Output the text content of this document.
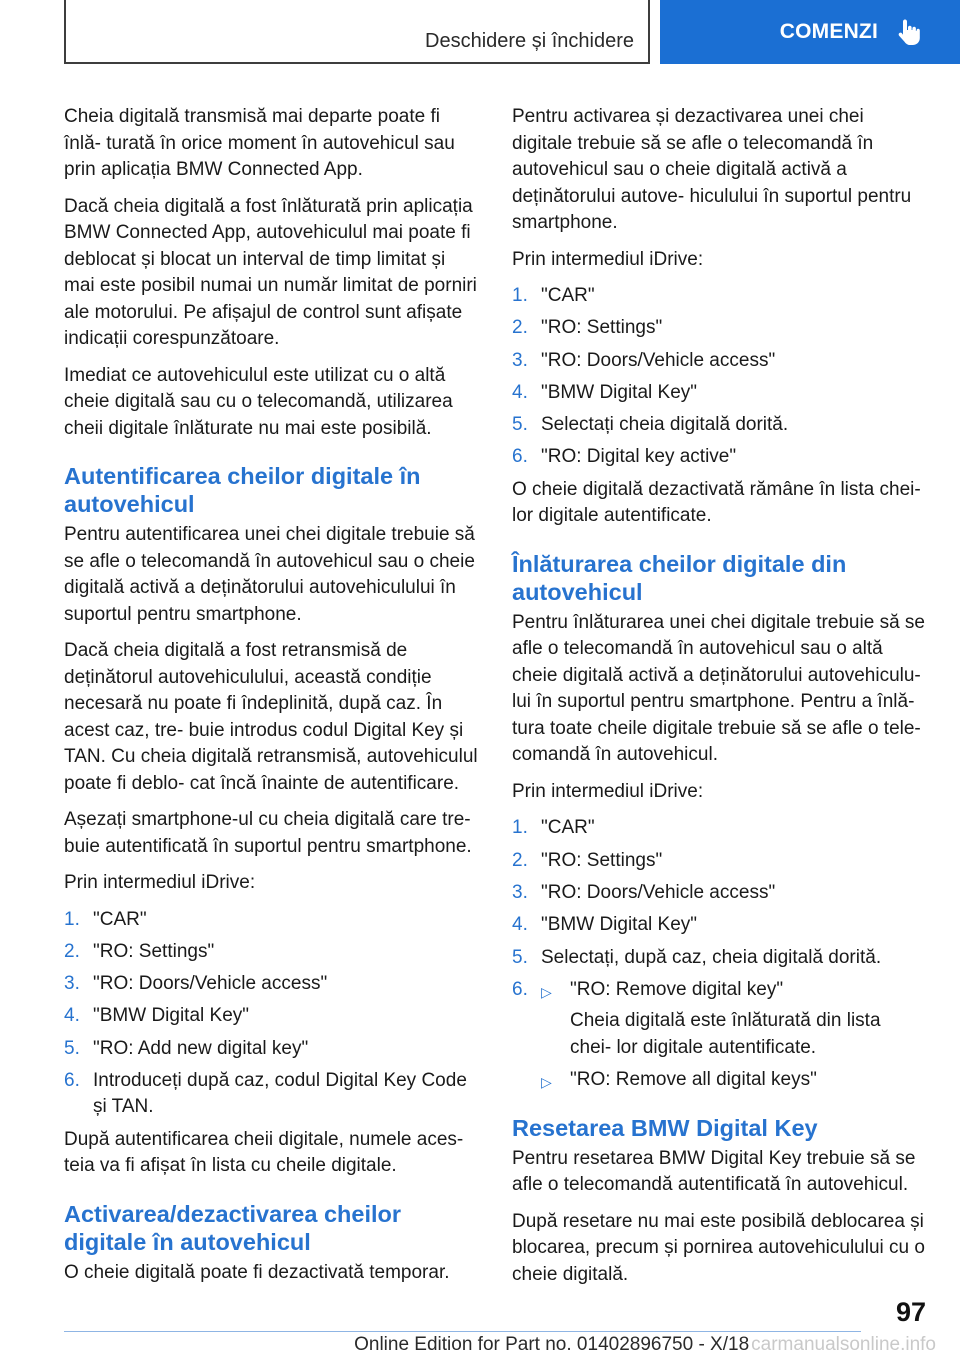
Deschidere și închidere	COMENZI

Cheia digitală transmisă mai departe poate fi înlă‐ turată în orice moment în autovehicul sau prin aplicația BMW Connected App.

Dacă cheia digitală a fost înlăturată prin aplicația BMW Connected App, autovehiculul mai poate fi deblocat și blocat un interval de timp limitat și mai este posibil numai un număr limitat de porniri ale motorului. Pe afișajul de control sunt afișate indicații corespunzătoare.

Imediat ce autovehiculul este utilizat cu o altă cheie digitală sau cu o telecomandă, utilizarea cheii digitale înlăturate nu mai este posibilă.

Autentificarea cheilor digitale în autovehicul

Pentru autentificarea unei chei digitale trebuie să se afle o telecomandă în autovehicul sau o cheie digitală activă a deținătorului autovehiculului în suportul pentru smartphone.

Dacă cheia digitală a fost retransmisă de deținătorul autovehiculului, această condiție necesară nu poate fi îndeplinită, după caz. În acest caz, tre‐ buie introdus codul Digital Key și TAN. Cu cheia digitală retransmisă, autovehiculul poate fi deblo‐ cat încă înainte de autentificare.

Așezați smartphone-ul cu cheia digitală care tre‐ buie autentificată în suportul pentru smartphone.

Prin intermediul iDrive:

1. "CAR"
2. "RO: Settings"
3. "RO: Doors/Vehicle access"
4. "BMW Digital Key"
5. "RO: Add new digital key"
6. Introduceți după caz, codul Digital Key Code și TAN.

După autentificarea cheii digitale, numele aces‐ teia va fi afișat în lista cu cheile digitale.

Activarea/dezactivarea cheilor digitale în autovehicul

O cheie digitală poate fi dezactivată temporar.

Pentru activarea și dezactivarea unei chei digitale trebuie să se afle o telecomandă în autovehicul sau o cheie digitală activă a deținătorului autove‐ hiculului în suportul pentru smartphone.

Prin intermediul iDrive:

1. "CAR"
2. "RO: Settings"
3. "RO: Doors/Vehicle access"
4. "BMW Digital Key"
5. Selectați cheia digitală dorită.
6. "RO: Digital key active"

O cheie digitală dezactivată rămâne în lista chei‐ lor digitale autentificate.

Înlăturarea cheilor digitale din autovehicul

Pentru înlăturarea unei chei digitale trebuie să se afle o telecomandă în autovehicul sau o altă cheie digitală activă a deținătorului autovehiculu‐ lui în suportul pentru smartphone. Pentru a înlă‐ tura toate cheile digitale trebuie să se afle o tele‐ comandă în autovehicul.

Prin intermediul iDrive:

1. "CAR"
2. "RO: Settings"
3. "RO: Doors/Vehicle access"
4. "BMW Digital Key"
5. Selectați, după caz, cheia digitală dorită.
6. ▷ "RO: Remove digital key"
Cheia digitală este înlăturată din lista chei‐ lor digitale autentificate.
▷ "RO: Remove all digital keys"
Resetarea BMW Digital Key

Pentru resetarea BMW Digital Key trebuie să se afle o telecomandă autentificată în autovehicul.

După resetare nu mai este posibilă deblocarea și blocarea, precum și pornirea autovehiculului cu o cheie digitală.

97
Online Edition for Part no. 01402896750 - X/18 carmanualsonline.info
